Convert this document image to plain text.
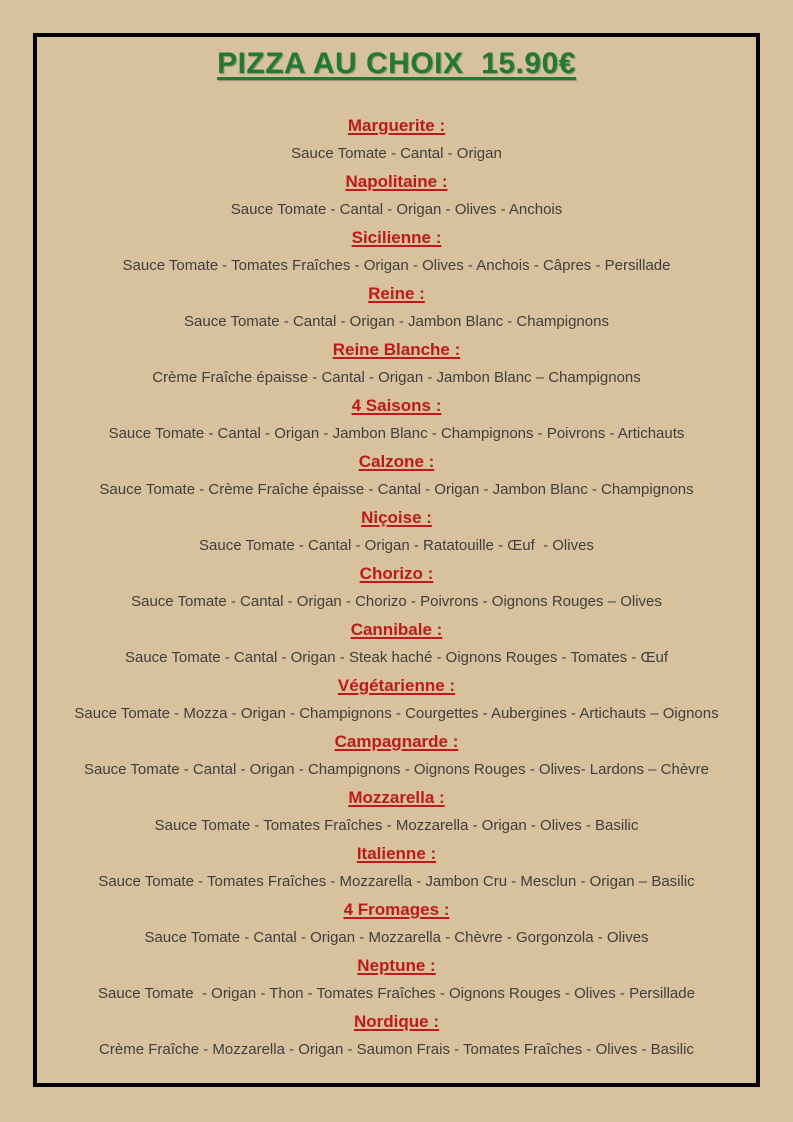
PIZZA AU CHOIX  15.90€
Marguerite :
Sauce Tomate - Cantal - Origan
Napolitaine :
Sauce Tomate - Cantal - Origan - Olives - Anchois
Sicilienne :
Sauce Tomate - Tomates Fraîches - Origan - Olives - Anchois - Câpres - Persillade
Reine :
Sauce Tomate - Cantal - Origan - Jambon Blanc - Champignons
Reine Blanche :
Crème Fraîche épaisse - Cantal - Origan - Jambon Blanc – Champignons
4 Saisons :
Sauce Tomate - Cantal - Origan - Jambon Blanc - Champignons - Poivrons - Artichauts
Calzone :
Sauce Tomate - Crème Fraîche épaisse - Cantal - Origan - Jambon Blanc - Champignons
Niçoise :
Sauce Tomate - Cantal - Origan - Ratatouille - Œuf  - Olives
Chorizo :
Sauce Tomate - Cantal - Origan - Chorizo - Poivrons - Oignons Rouges – Olives
Cannibale :
Sauce Tomate - Cantal - Origan - Steak haché - Oignons Rouges - Tomates - Œuf
Végétarienne :
Sauce Tomate - Mozza - Origan - Champignons - Courgettes - Aubergines - Artichauts – Oignons
Campagnarde :
Sauce Tomate - Cantal - Origan - Champignons - Oignons Rouges - Olives- Lardons – Chèvre
Mozzarella :
Sauce Tomate - Tomates Fraîches - Mozzarella - Origan - Olives - Basilic
Italienne :
Sauce Tomate - Tomates Fraîches - Mozzarella - Jambon Cru - Mesclun - Origan – Basilic
4 Fromages :
Sauce Tomate - Cantal - Origan - Mozzarella - Chèvre - Gorgonzola - Olives
Neptune :
Sauce Tomate  - Origan - Thon - Tomates Fraîches - Oignons Rouges - Olives - Persillade
Nordique :
Crème Fraîche - Mozzarella - Origan - Saumon Frais - Tomates Fraîches - Olives - Basilic
